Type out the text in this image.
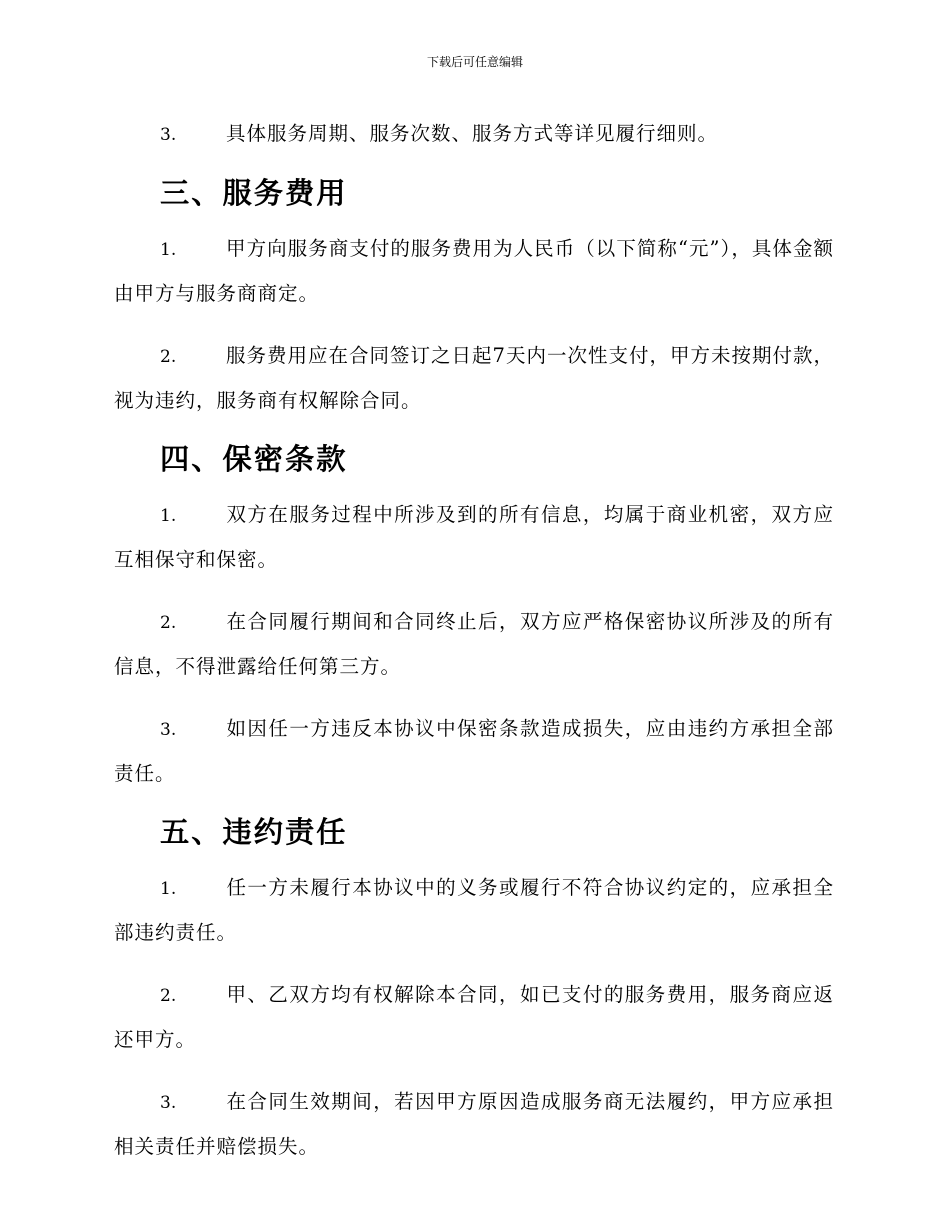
下载后可任意编辑

3.	具体服务周期、服务次数、服务方式等详见履行细则。

三、服务费用

1.	甲方向服务商支付的服务费用为人民币（以下简称“元”），具体金额由甲方与服务商商定。

2.	服务费用应在合同签订之日起7天内一次性支付，甲方未按期付款，视为违约，服务商有权解除合同。

四、保密条款

1.	双方在服务过程中所涉及到的所有信息，均属于商业机密，双方应互相保守和保密。

2.	在合同履行期间和合同终止后，双方应严格保密协议所涉及的所有信息，不得泄露给任何第三方。

3.	如因任一方违反本协议中保密条款造成损失，应由违约方承担全部责任。

五、违约责任

1.	任一方未履行本协议中的义务或履行不符合协议约定的，应承担全部违约责任。

2.	甲、乙双方均有权解除本合同，如已支付的服务费用，服务商应返还甲方。

3.	在合同生效期间，若因甲方原因造成服务商无法履约，甲方应承担相关责任并赔偿损失。
